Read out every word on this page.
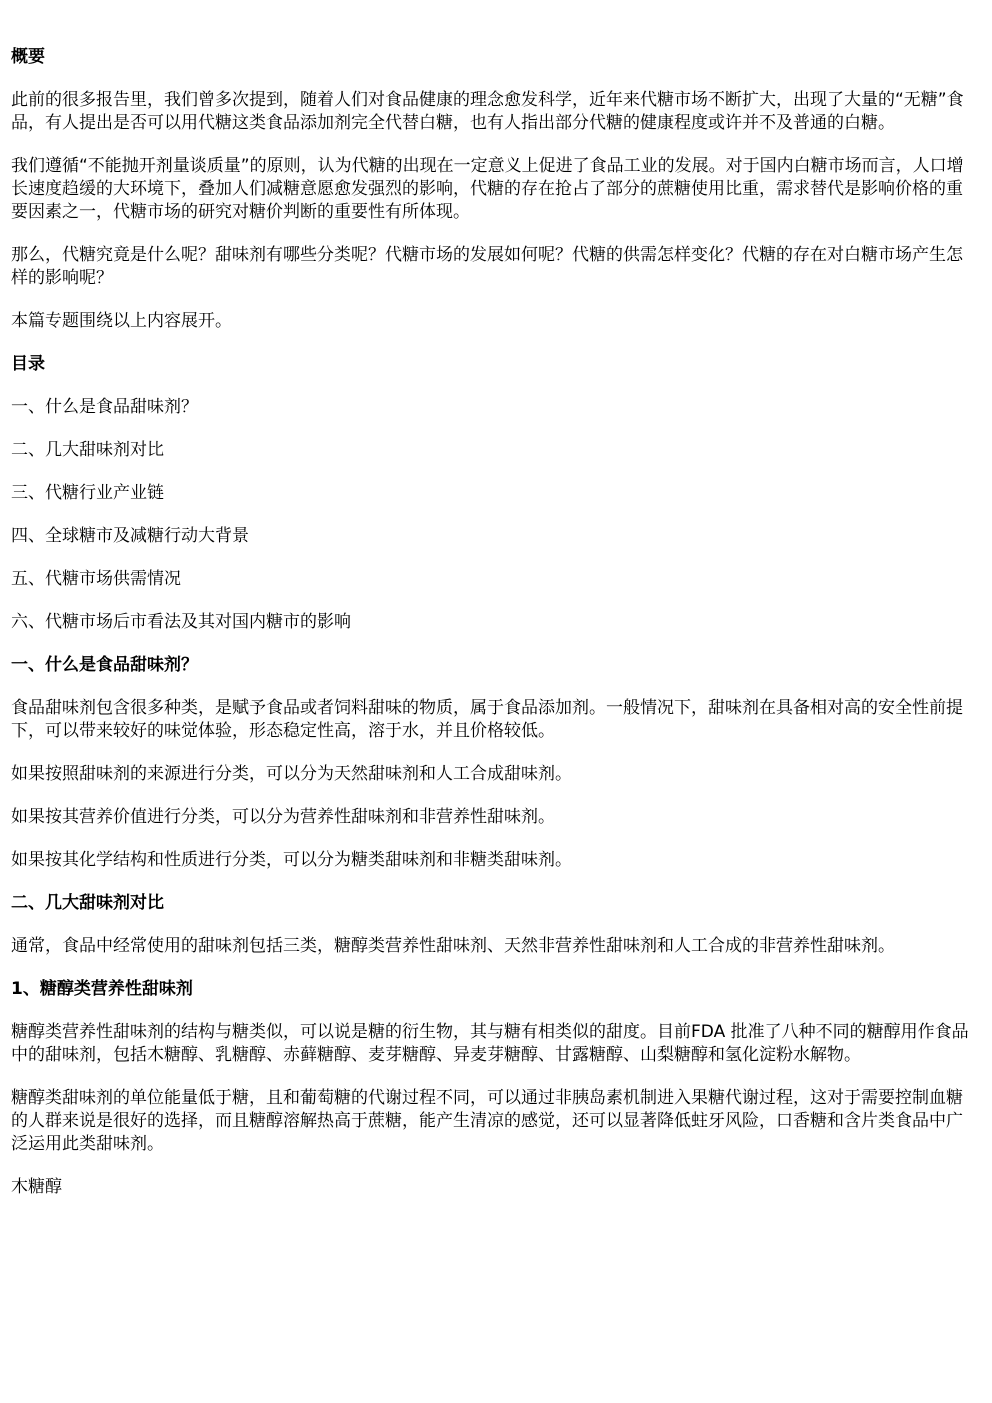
概要
此前的很多报告里，我们曾多次提到，随着人们对食品健康的理念愈发科学，近年来代糖市场不断扩大，出现了大量的“无糖”食品，有人提出是否可以用代糖这类食品添加剂完全代替白糖，也有人指出部分代糖的健康程度或许并不及普通的白糖。
我们遵循“不能抛开剂量谈质量”的原则，认为代糖的出现在一定意义上促进了食品工业的发展。对于国内白糖市场而言，人口增长速度趋缓的大环境下，叠加人们减糖意愿愈发强烈的影响，代糖的存在抢占了部分的蔗糖使用比重，需求替代是影响价格的重要因素之一，代糖市场的研究对糖价判断的重要性有所体现。
那么，代糖究竟是什么呢？甜味剂有哪些分类呢？代糖市场的发展如何呢？代糖的供需怎样变化？代糖的存在对白糖市场产生怎样的影响呢？
本篇专题围绕以上内容展开。
目录
一、什么是食品甜味剂？
二、几大甜味剂对比
三、代糖行业产业链
四、全球糖市及减糖行动大背景
五、代糖市场供需情况
六、代糖市场后市看法及其对国内糖市的影响
一、什么是食品甜味剂？
食品甜味剂包含很多种类，是赋予食品或者饲料甜味的物质，属于食品添加剂。一般情况下，甜味剂在具备相对高的安全性前提下，可以带来较好的味觉体验，形态稳定性高，溶于水，并且价格较低。
如果按照甜味剂的来源进行分类，可以分为天然甜味剂和人工合成甜味剂。
如果按其营养价值进行分类，可以分为营养性甜味剂和非营养性甜味剂。
如果按其化学结构和性质进行分类，可以分为糖类甜味剂和非糖类甜味剂。
二、几大甜味剂对比
通常，食品中经常使用的甜味剂包括三类，糖醇类营养性甜味剂、天然非营养性甜味剂和人工合成的非营养性甜味剂。
1、糖醇类营养性甜味剂
糖醇类营养性甜味剂的结构与糖类似，可以说是糖的衍生物，其与糖有相类似的甜度。目前FDA 批准了八种不同的糖醇用作食品中的甜味剂，包括木糖醇、乳糖醇、赤藓糖醇、麦芽糖醇、异麦芽糖醇、甘露糖醇、山梨糖醇和氢化淀粉水解物。
糖醇类甜味剂的单位能量低于糖，且和葡萄糖的代谢过程不同，可以通过非胰岛素机制进入果糖代谢过程，这对于需要控制血糖的人群来说是很好的选择，而且糖醇溶解热高于蔗糖，能产生清凉的感觉，还可以显著降低蛀牙风险，口香糖和含片类食品中广泛运用此类甜味剂。
木糖醇
